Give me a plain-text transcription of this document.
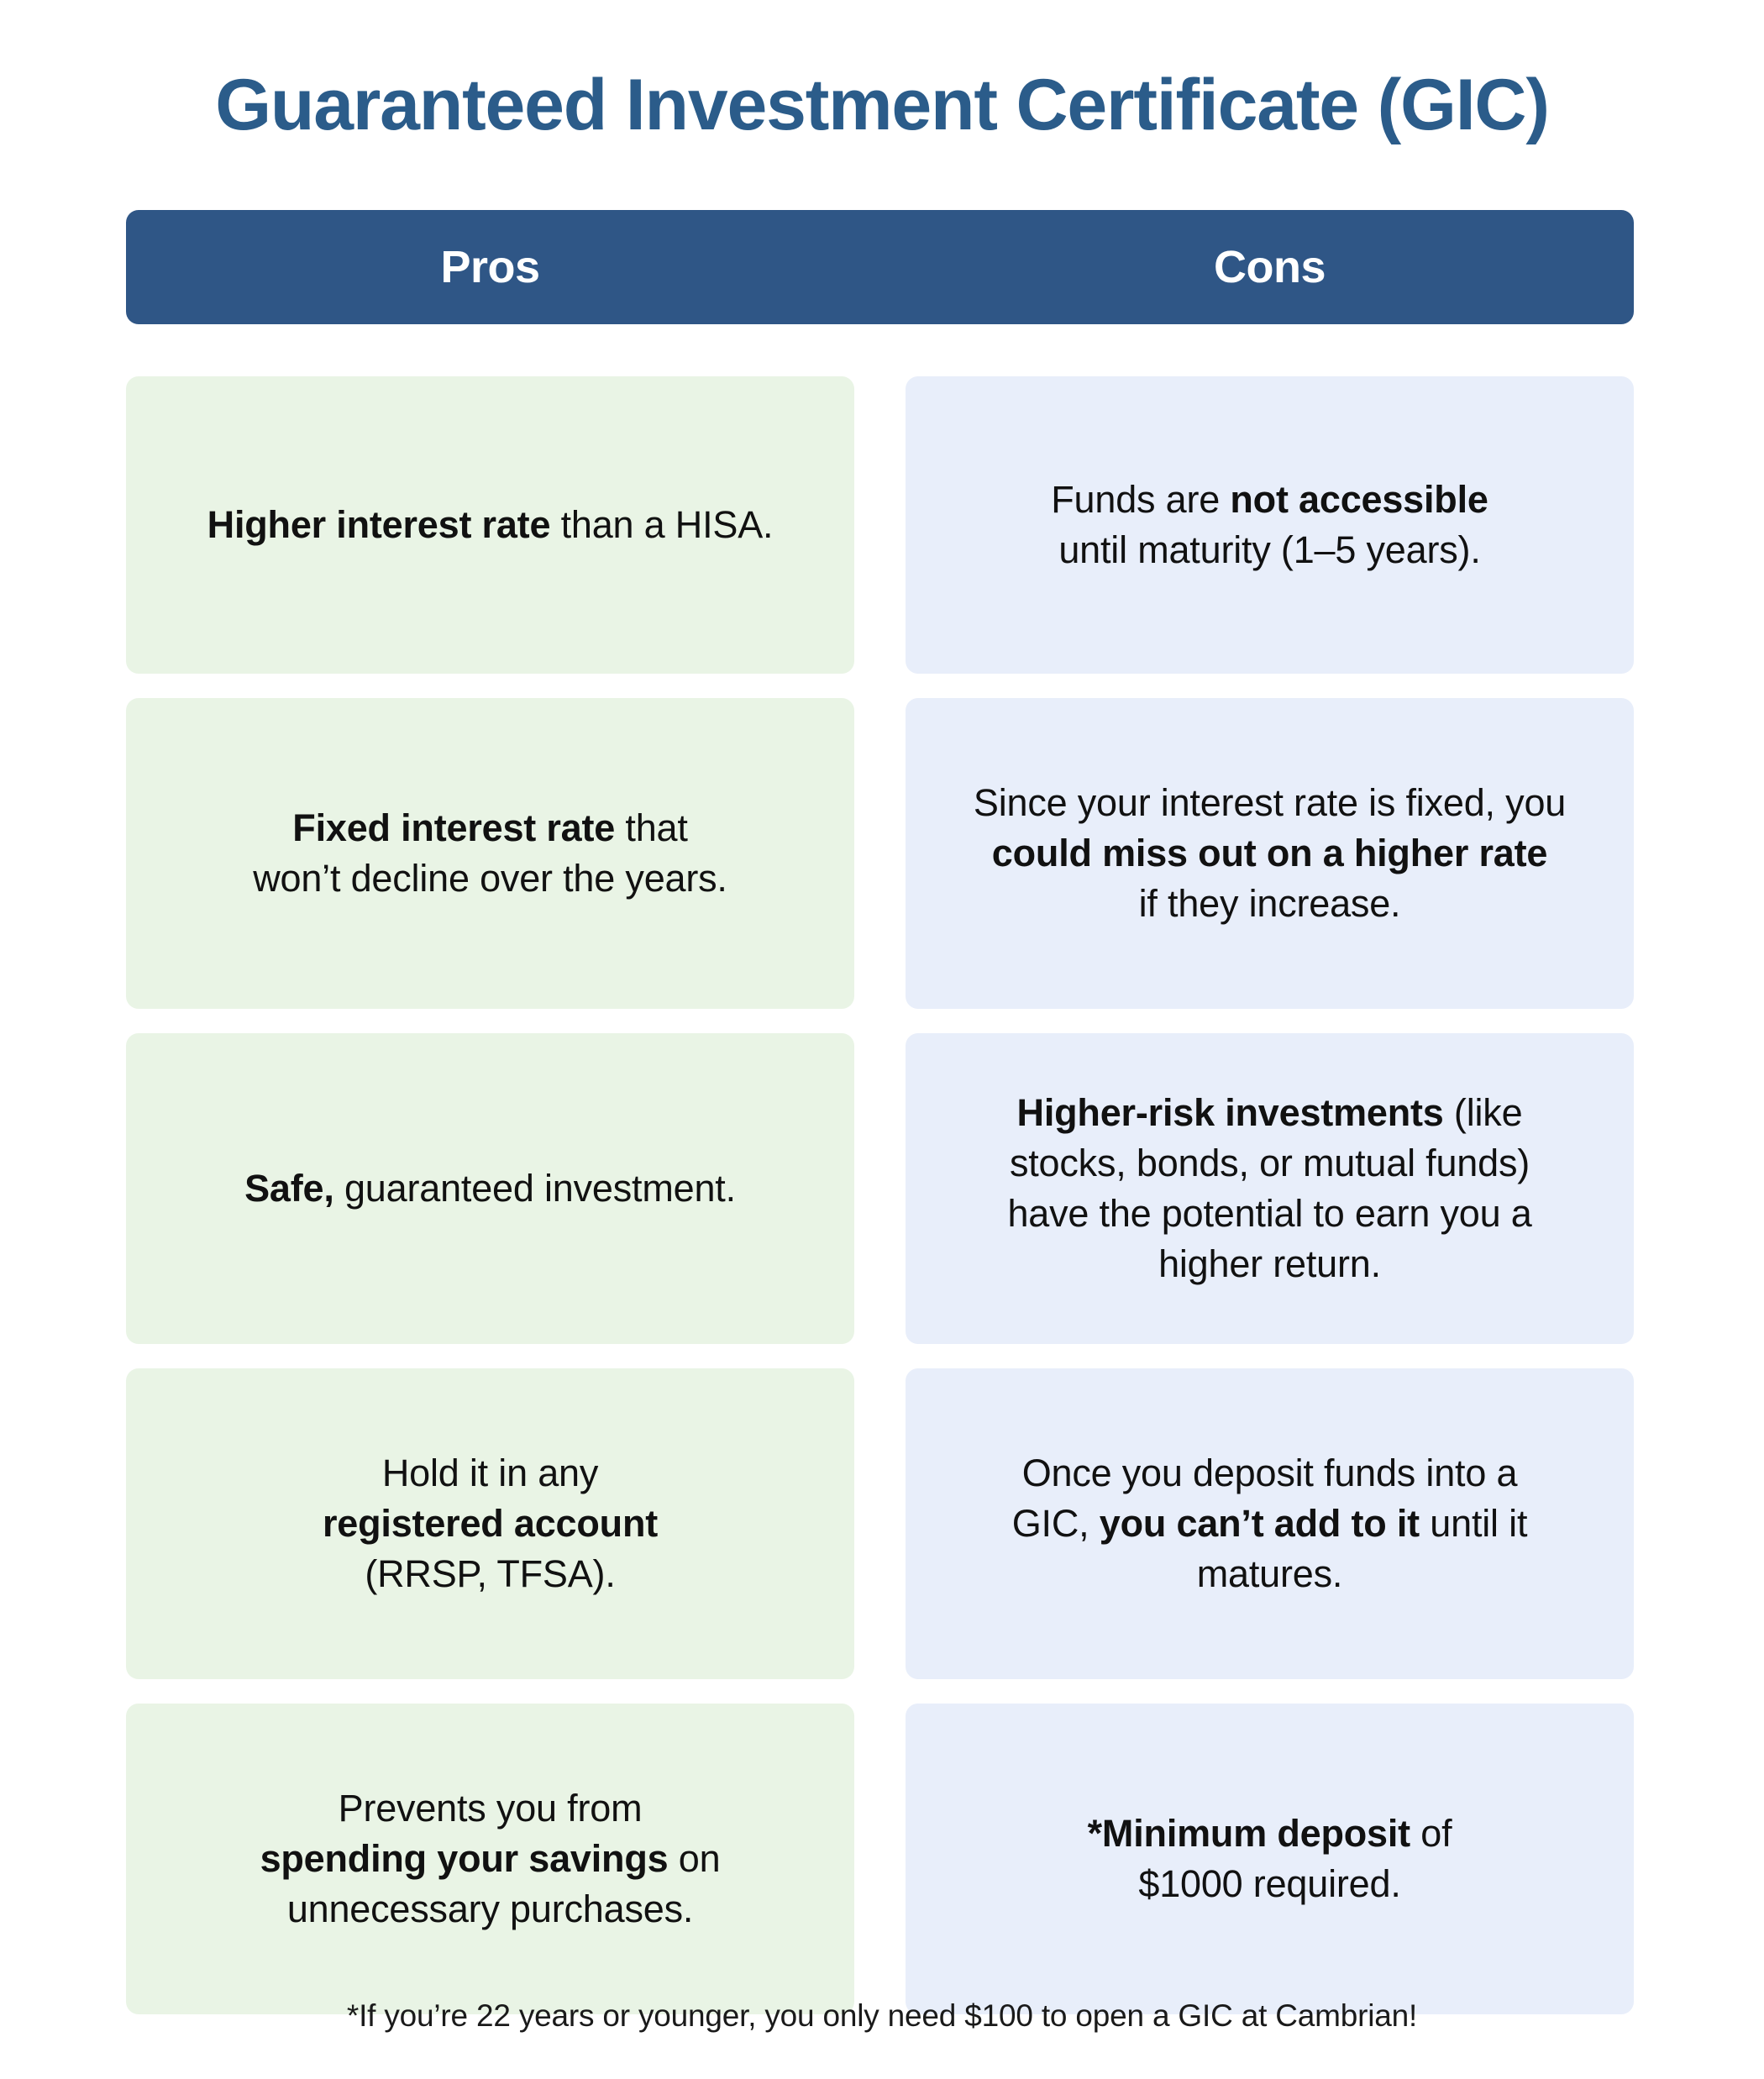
Guaranteed Investment Certificate (GIC)
Pros	Cons
Higher interest rate than a HISA.
Funds are not accessible
until maturity (1–5 years).
Fixed interest rate that
won’t decline over the years.
Since your interest rate is fixed, you
could miss out on a higher rate
if they increase.
Safe, guaranteed investment.
Higher-risk investments (like
stocks, bonds, or mutual funds)
have the potential to earn you a
higher return.
Hold it in any
registered account
(RRSP, TFSA).
Once you deposit funds into a
GIC, you can’t add to it until it
matures.
Prevents you from
spending your savings on
unnecessary purchases.
*Minimum deposit of
$1000 required.
*If you’re 22 years or younger, you only need $100 to open a GIC at Cambrian!
